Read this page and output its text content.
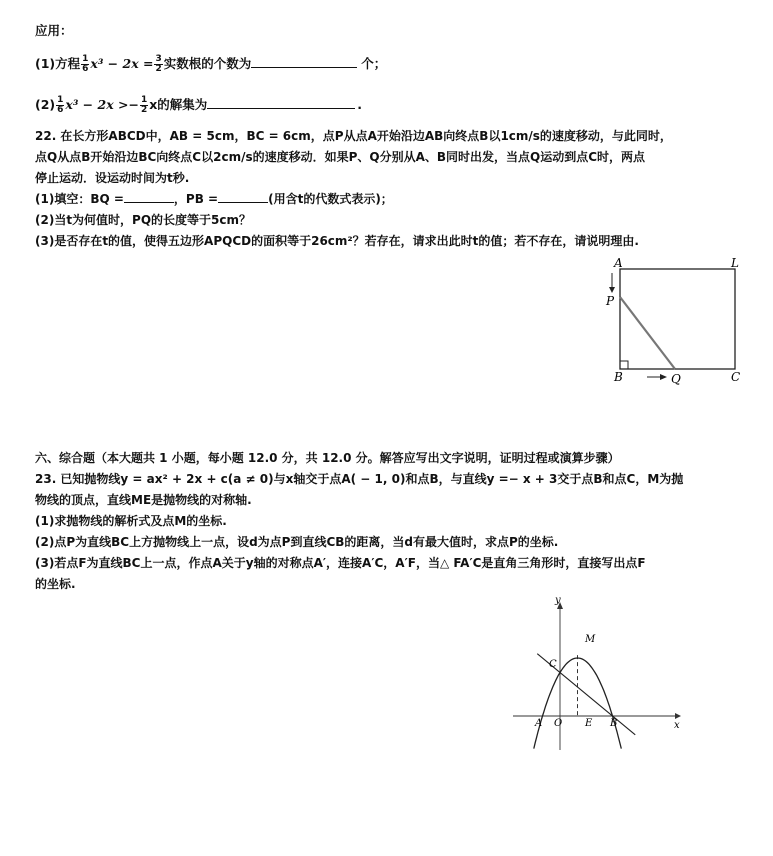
应用：
(1)方程 $\frac{1}{6} x^3 - 2x = \frac{3}{2}$ 实数根的个数为	个；
$(2) \frac{1}{6} x^3 - 2x >- \frac{1}{2}$ x的解集为	.
22. 在长方形ABCD中，AB = 5cm，BC = 6cm，点P从点A开始沿边AB向终点B以1cm/s的速度移动，与此同时，
点Q从点B开始沿边BC向终点C以2cm/s的速度移动．如果P、Q分别从A、B同时出发，当点Q运动到点C时，两点
停止运动．设运动时间为t秒.
(1)填空：BQ =	，PB =	(用含t的代数式表示)；
(2)当t为何值时，PQ的长度等于5cm？
(3)是否存在t的值，使得五边形APQCD的面积等于26cm²？若存在，请求出此时t的值；若不存在，请说明理由.
A	L
P
B	Q	C
六、综合题（本大题共 1 小题，每小题 12.0 分，共 12.0 分。解答应写出文字说明，证明过程或演算步骤）
23. 已知抛物线y = ax² + 2x + c(a ≠ 0)与x轴交于点A( − 1, 0)和点B，与直线y =− x + 3交于点B和点C，M为抛
物线的顶点，直线ME是抛物线的对称轴.
(1)求抛物线的解析式及点M的坐标.
(2)点P为直线BC上方抛物线上一点，设d为点P到直线CB的距离，当d有最大值时，求点P的坐标.
(3)若点F为直线BC上一点，作点A关于y轴的对称点A′，连接A′C，A′F，当△ FA′C是直角三角形时，直接写出点F
的坐标.
y
x
M
C
A O E B
